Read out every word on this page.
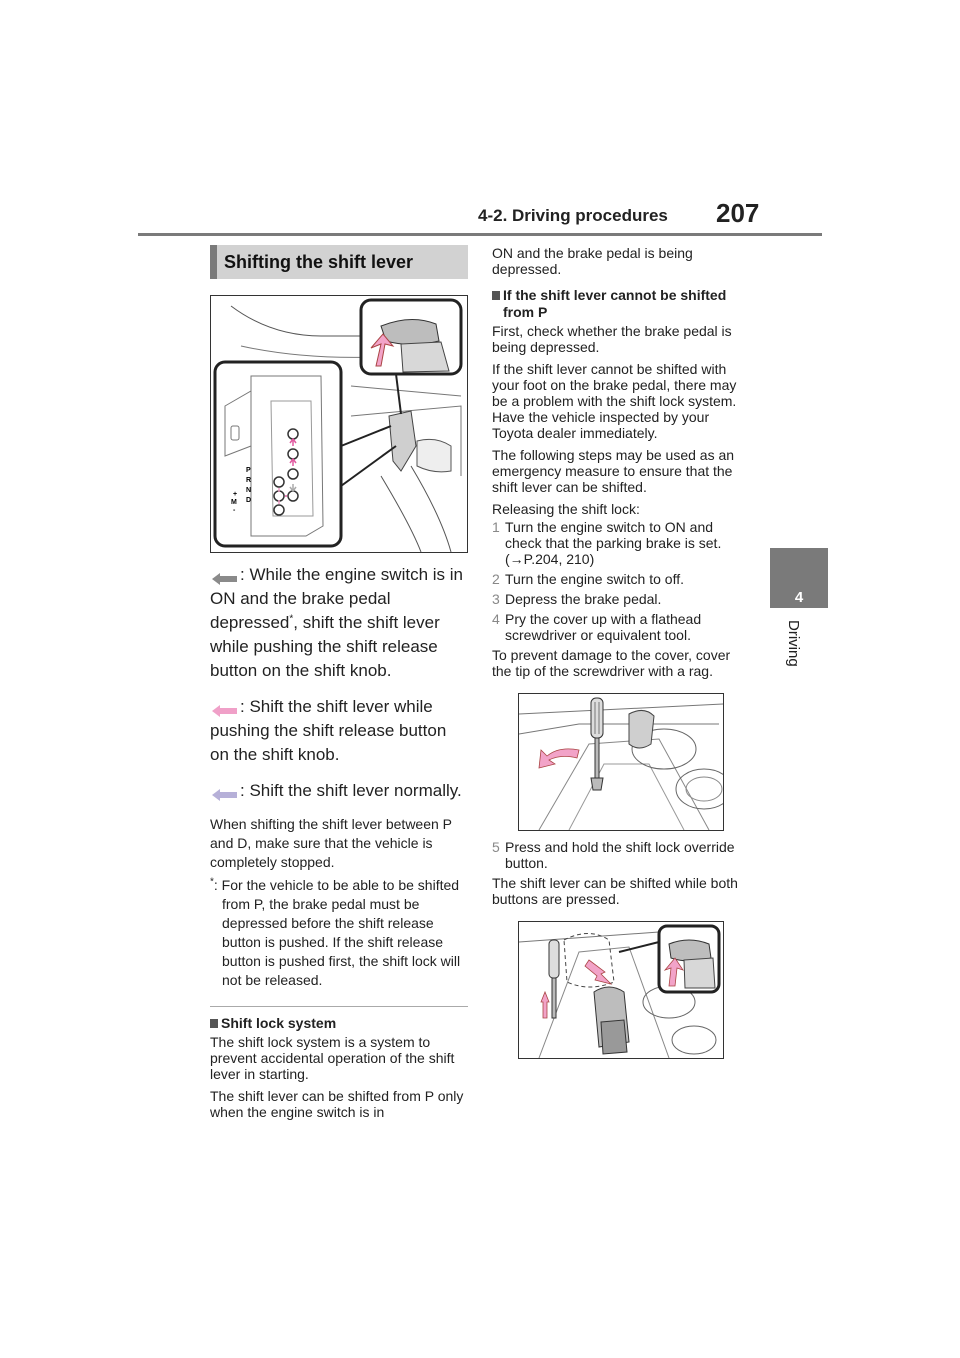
4-2. Driving procedures 207
4
Driving
Shifting the shift lever
P
R
N
D
+
M
-

: While the engine switch is in ON and the brake pedal depressed*, shift the shift lever while pushing the shift release button on the shift knob.

: Shift the shift lever while pushing the shift release button on the shift knob.

: Shift the shift lever normally.

When shifting the shift lever between P and D, make sure that the vehicle is completely stopped.

*: For the vehicle to be able to be shifted from P, the brake pedal must be depressed before the shift release button is pushed. If the shift release button is pushed first, the shift lock will not be released.

Shift lock system

The shift lock system is a system to prevent accidental operation of the shift lever in starting.

The shift lever can be shifted from P only when the engine switch is in

ON and the brake pedal is being depressed.

If the shift lever cannot be shifted from P

First, check whether the brake pedal is being depressed.

If the shift lever cannot be shifted with your foot on the brake pedal, there may be a problem with the shift lock system. Have the vehicle inspected by your Toyota dealer immediately.

The following steps may be used as an emergency measure to ensure that the shift lever can be shifted.

Releasing the shift lock:

1 Turn the engine switch to ON and check that the parking brake is set. (→P.204, 210)

2 Turn the engine switch to off.

3 Depress the brake pedal.

4 Pry the cover up with a flathead screwdriver or equivalent tool.

To prevent damage to the cover, cover the tip of the screwdriver with a rag.

5 Press and hold the shift lock override button.

The shift lever can be shifted while both buttons are pressed.
